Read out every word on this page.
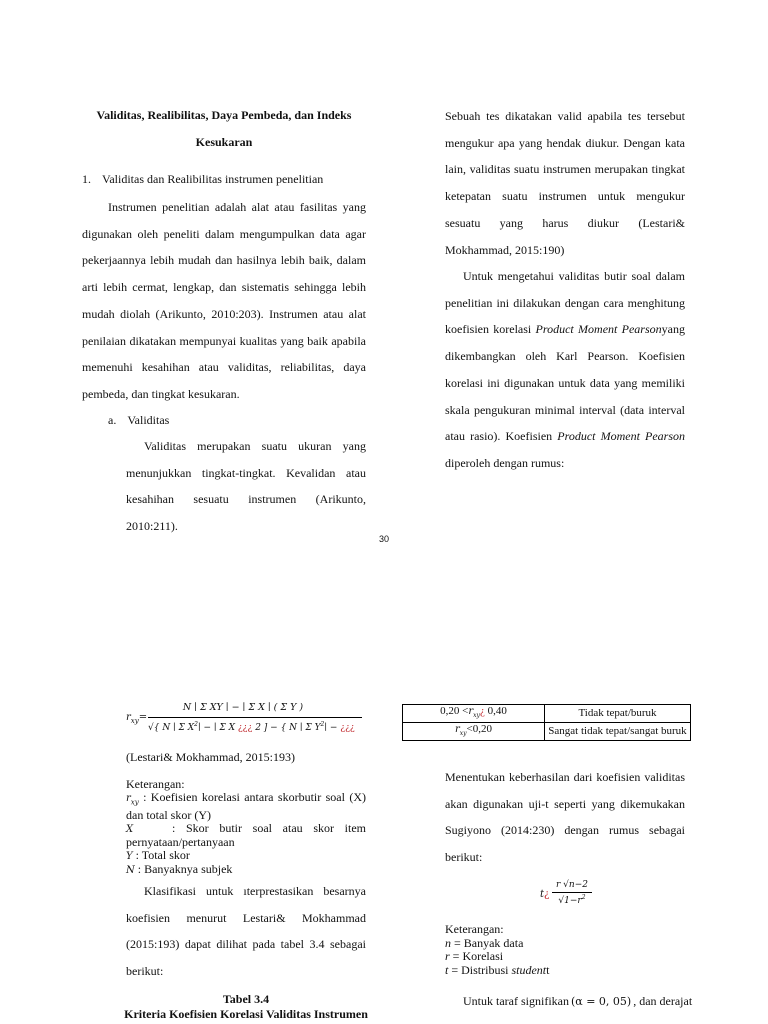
Validitas, Realibilitas, Daya Pembeda, dan Indeks
Kesukaran
1. Validitas dan Realibilitas instrumen penelitian

Instrumen penelitian adalah alat atau fasilitas yang digunakan oleh peneliti dalam mengumpulkan data agar pekerjaannya lebih mudah dan hasilnya lebih baik, dalam arti lebih cermat, lengkap, dan sistematis sehingga lebih mudah diolah (Arikunto, 2010:203). Instrumen atau alat penilaian dikatakan mempunyai kualitas yang baik apabila memenuhi kesahihan atau validitas, reliabilitas, daya pembeda, dan tingkat kesukaran.

a. Validitas

Validitas merupakan suatu ukuran yang menunjukkan tingkat-tingkat. Kevalidan atau kesahihan sesuatu instrumen (Arikunto, 2010:211).

Sebuah tes dikatakan valid apabila tes tersebut mengukur apa yang hendak diukur. Dengan kata lain, validitas suatu instrumen merupakan tingkat ketepatan suatu instrumen untuk mengukur sesuatu yang harus diukur (Lestari& Mokhammad, 2015:190)

Untuk mengetahui validitas butir soal dalam penelitian ini dilakukan dengan cara menghitung koefisien korelasi Product Moment Pearsonyang dikembangkan oleh Karl Pearson. Koefisien korelasi ini digunakan untuk data yang memiliki skala pengukuran minimal interval (data interval atau rasio). Koefisien Product Moment Pearson diperoleh dengan rumus:

30
$r_{xy}=$
N ∣ Σ XY ∣ − ∣ Σ X ∣ ( Σ Y )
√{ N ∣ Σ $X^2∣$ − ∣ Σ X ¿¿¿ 2 ] − { N ∣ Σ $Y^2∣$ − ¿¿¿
(Lestari& Mokhammad, 2015:193)
Keterangan:
$r_{xy}$ : Koefisien korelasi antara skorbutir soal (X) dan total skor (Y)
X	: Skor butir soal atau skor item pernyataan/pertanyaan
Y : Total skor
N : Banyaknya subjek

Klasifikasi untuk ıterprestasikan besarnya koefisien menurut Lestari& Mokhammad (2015:193) dapat dilihat pada tabel 3.4 sebagai berikut:

Tabel 3.4
Kriteria Koefisien Korelasi Validitas Instrumen
$0,20 <r_{xy}¿$ 0,40	Tidak tepat/buruk
$r_{xy}<0,20$	Sangat tidak tepat/sangat buruk

Menentukan keberhasilan dari koefisien validitas akan digunakan uji-t seperti yang dikemukakan Sugiyono (2014:230) dengan rumus sebagai berikut:

t¿
r √n−2
$√1-r^2$
Keterangan:
n = Banyak data
r = Korelasi
t = Distribusi studentt
Untuk taraf signifikan (α = 0, 05) , dan derajat
